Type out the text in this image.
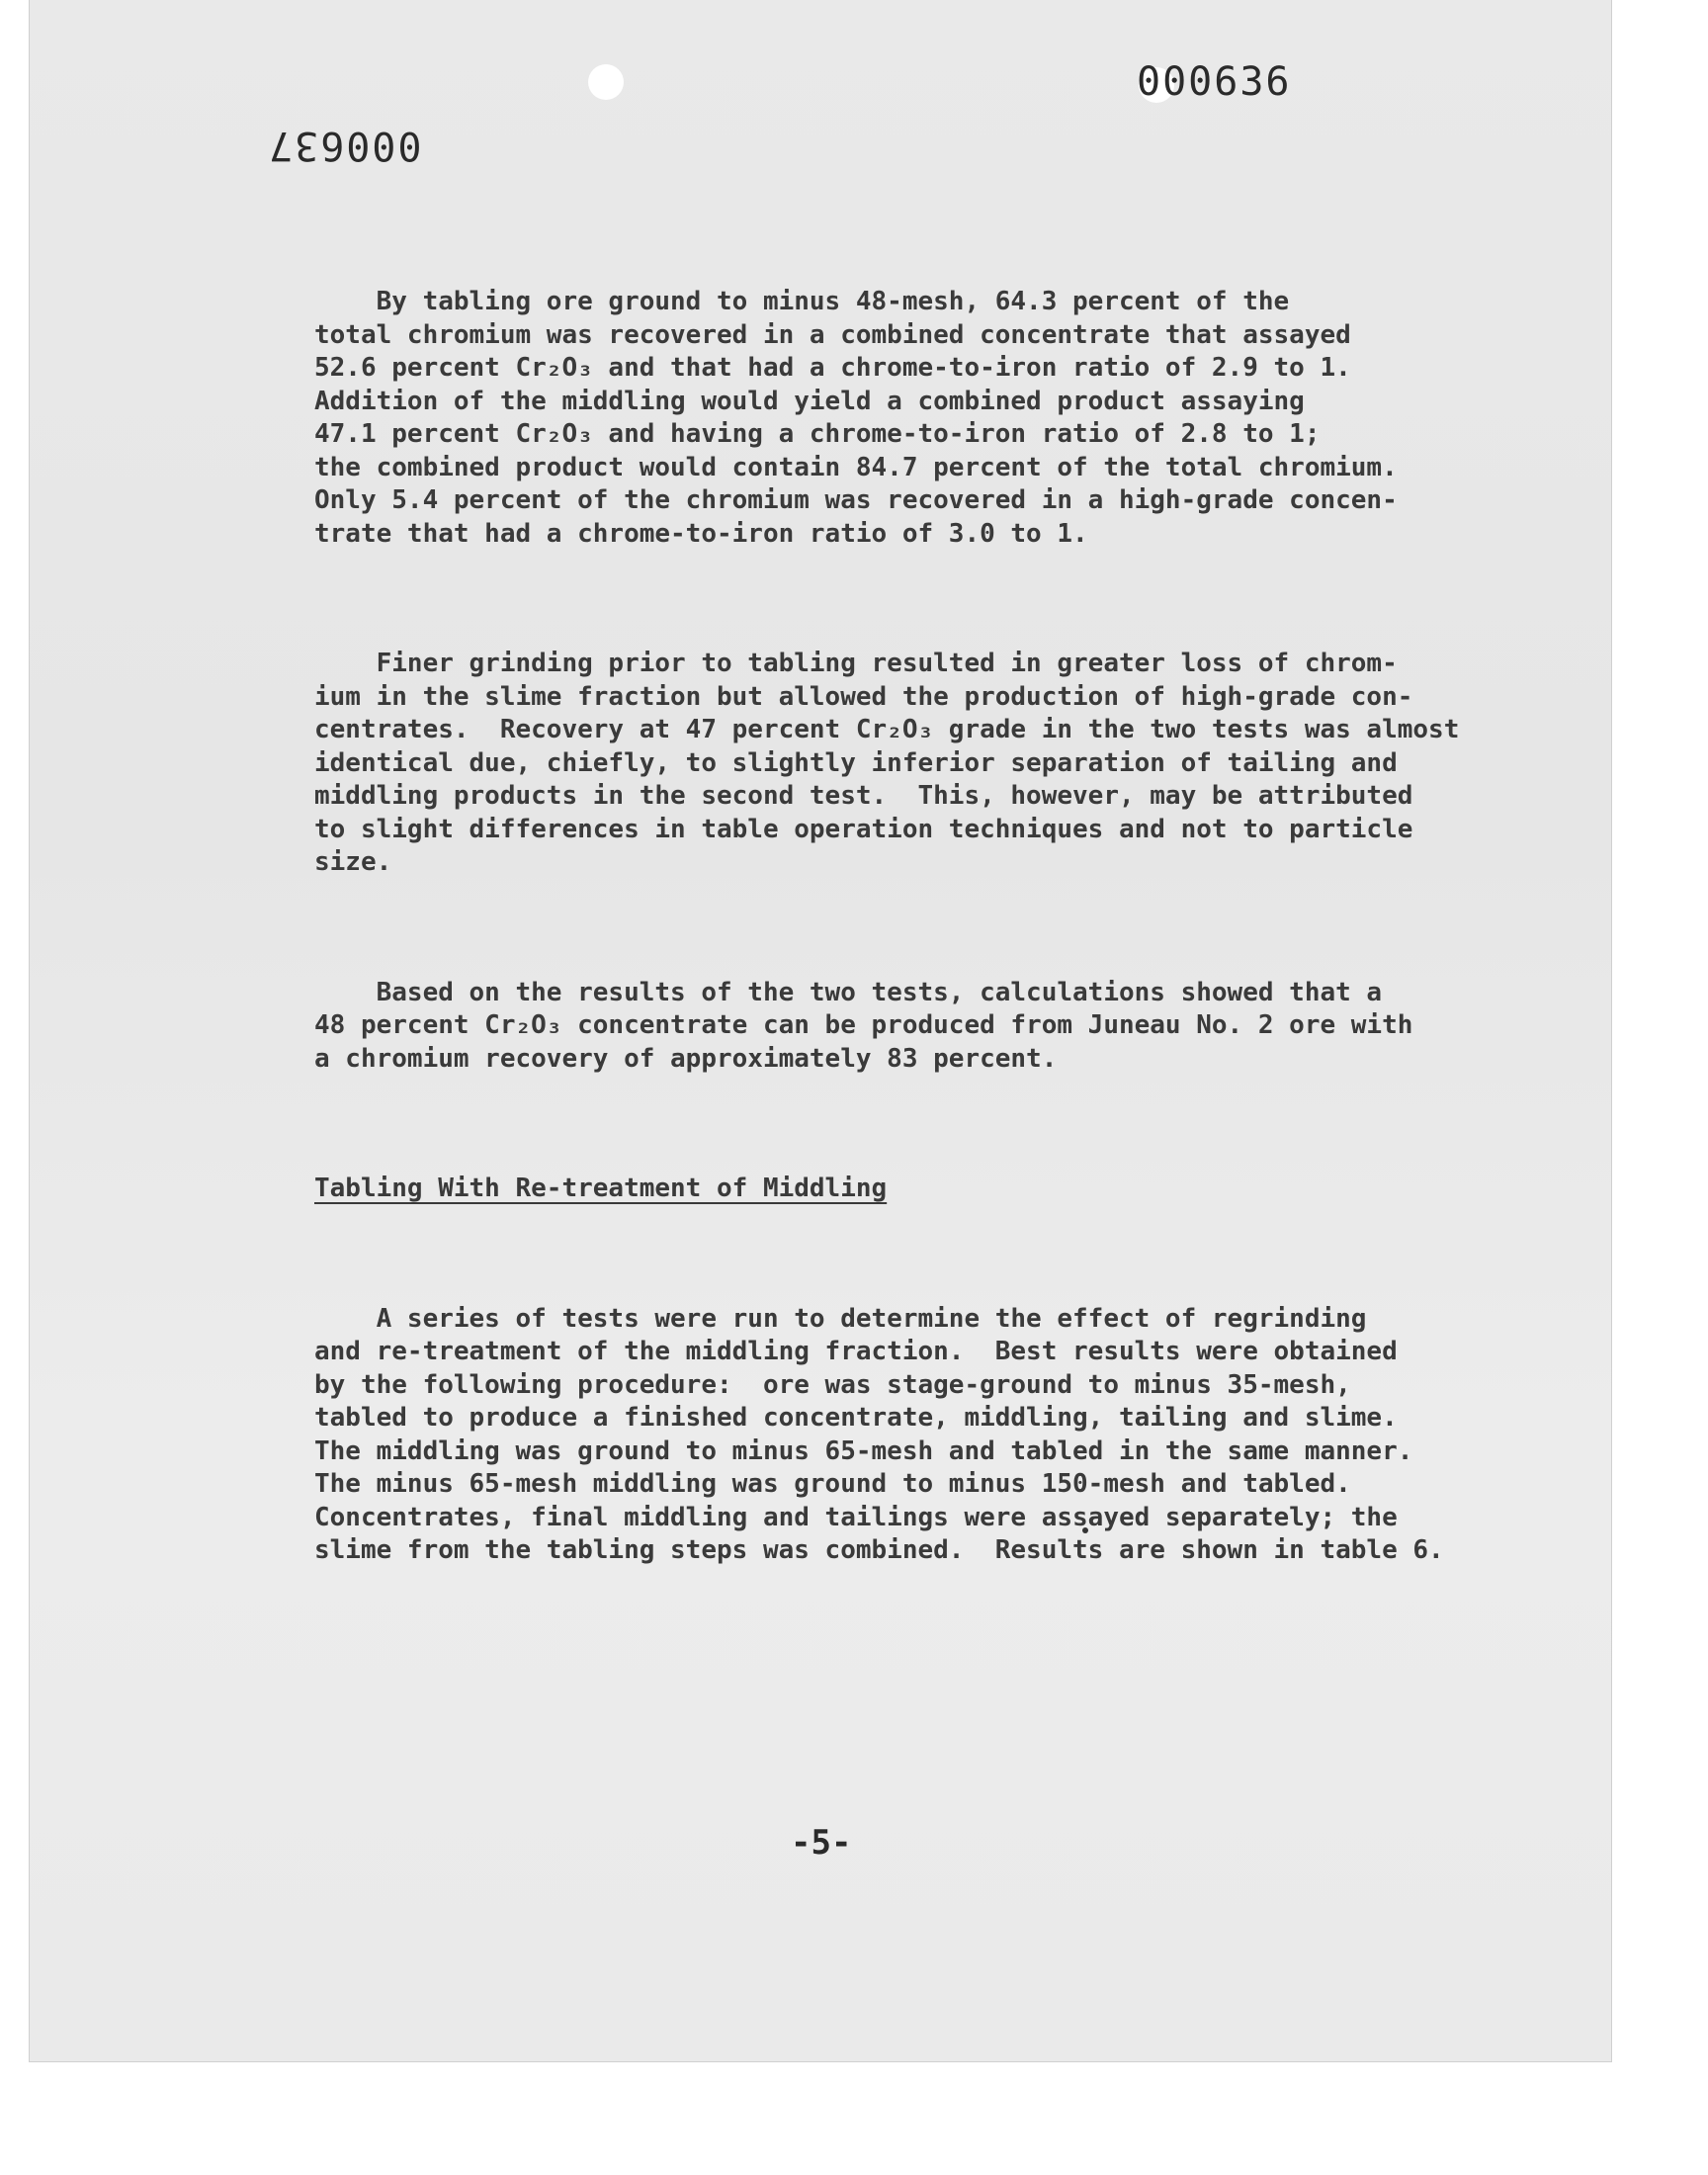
000636
000637

By tabling ore ground to minus 48-mesh, 64.3 percent of the
total chromium was recovered in a combined concentrate that assayed
52.6 percent Cr₂O₃ and that had a chrome-to-iron ratio of 2.9 to 1.
Addition of the middling would yield a combined product assaying
47.1 percent Cr₂O₃ and having a chrome-to-iron ratio of 2.8 to 1;
the combined product would contain 84.7 percent of the total chromium.
Only 5.4 percent of the chromium was recovered in a high-grade concen-
trate that had a chrome-to-iron ratio of 3.0 to 1.

Finer grinding prior to tabling resulted in greater loss of chrom-
ium in the slime fraction but allowed the production of high-grade con-
centrates.  Recovery at 47 percent Cr₂O₃ grade in the two tests was almost
identical due, chiefly, to slightly inferior separation of tailing and
middling products in the second test.  This, however, may be attributed
to slight differences in table operation techniques and not to particle
size.

Based on the results of the two tests, calculations showed that a
48 percent Cr₂O₃ concentrate can be produced from Juneau No. 2 ore with
a chromium recovery of approximately 83 percent.

Tabling With Re-treatment of Middling

A series of tests were run to determine the effect of regrinding
and re-treatment of the middling fraction.  Best results were obtained
by the following procedure:  ore was stage-ground to minus 35-mesh,
tabled to produce a finished concentrate, middling, tailing and slime.
The middling was ground to minus 65-mesh and tabled in the same manner.
The minus 65-mesh middling was ground to minus 150-mesh and tabled.
Concentrates, final middling and tailings were assayed separately; the
slime from the tabling steps was combined.  Results are shown in table 6.

-5-
